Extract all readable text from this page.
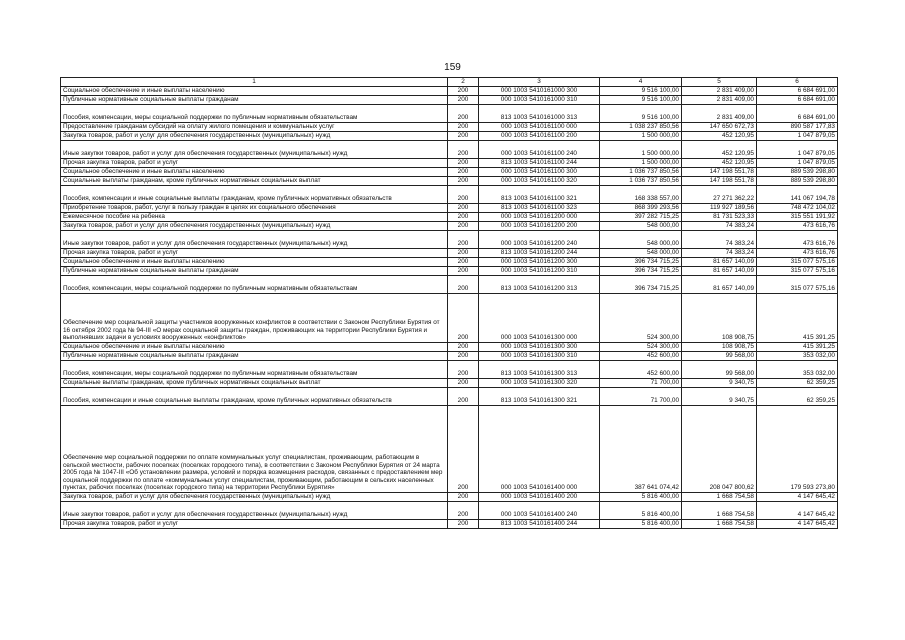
159
1	2	3	4	5	6
Социальное обеспечение и иные выплаты населению	200	000 1003 5410161000 300	9 516 100,00	2 831 409,00	6 684 691,00
Публичные нормативные социальные выплаты гражданам	200	000 1003 5410161000 310	9 516 100,00	2 831 409,00	6 684 691,00
Пособия, компенсации, меры социальной поддержки по публичным нормативным обязательствам	200	813 1003 5410161000 313	9 516 100,00	2 831 409,00	6 684 691,00
Предоставление гражданам субсидий на оплату жилого помещения и коммунальных услуг	200	000 1003 5410161100 000	1 038 237 850,56	147 650 672,73	890 587 177,83
Закупка товаров, работ и услуг для обеспечения государственных (муниципальных) нужд	200	000 1003 5410161100 200	1 500 000,00	452 120,95	1 047 879,05
Иные закупки товаров, работ и услуг для обеспечения государственных (муниципальных) нужд	200	000 1003 5410161100 240	1 500 000,00	452 120,95	1 047 879,05
Прочая закупка товаров, работ и услуг	200	813 1003 5410161100 244	1 500 000,00	452 120,95	1 047 879,05
Социальное обеспечение и иные выплаты населению	200	000 1003 5410161100 300	1 036 737 850,56	147 198 551,78	889 539 298,80
Социальные выплаты гражданам, кроме публичных нормативных социальных выплат	200	000 1003 5410161100 320	1 036 737 850,56	147 198 551,78	889 539 298,80
Пособия, компенсации и иные социальные выплаты гражданам, кроме публичных нормативных обязательств	200	813 1003 5410161100 321	168 338 557,00	27 271 362,22	141 067 194,78
Приобретение товаров, работ, услуг в пользу граждан в целях их социального обеспечения	200	813 1003 5410161100 323	868 399 293,56	119 927 189,56	748 472 104,02
Ежемесячное пособие на ребенка	200	000 1003 5410161200 000	397 282 715,25	81 731 523,33	315 551 191,92
Закупка товаров, работ и услуг для обеспечения государственных (муниципальных) нужд	200	000 1003 5410161200 200	548 000,00	74 383,24	473 616,76
Иные закупки товаров, работ и услуг для обеспечения государственных (муниципальных) нужд	200	000 1003 5410161200 240	548 000,00	74 383,24	473 616,76
Прочая закупка товаров, работ и услуг	200	813 1003 5410161200 244	548 000,00	74 383,24	473 616,76
Социальное обеспечение и иные выплаты населению	200	000 1003 5410161200 300	396 734 715,25	81 657 140,09	315 077 575,16
Публичные нормативные социальные выплаты гражданам	200	000 1003 5410161200 310	396 734 715,25	81 657 140,09	315 077 575,16
Пособия, компенсации, меры социальной поддержки по публичным нормативным обязательствам	200	813 1003 5410161200 313	396 734 715,25	81 657 140,09	315 077 575,16
Обеспечение мер социальной защиты участников вооруженных конфликтов в соответствии с Законом Республики Бурятия от 16 октября 2002 года № 94-III «О мерах социальной защиты граждан, проживающих на территории Республики Бурятия и выполнявших задачи в условиях вооруженных «конфликтов»	200	000 1003 5410161300 000	524 300,00	108 908,75	415 391,25
Социальное обеспечение и иные выплаты населению	200	000 1003 5410161300 300	524 300,00	108 908,75	415 391,25
Публичные нормативные социальные выплаты гражданам	200	000 1003 5410161300 310	452 600,00	99 568,00	353 032,00
Пособия, компенсации, меры социальной поддержки по публичным нормативным обязательствам	200	813 1003 5410161300 313	452 600,00	99 568,00	353 032,00
Социальные выплаты гражданам, кроме публичных нормативных социальных выплат	200	000 1003 5410161300 320	71 700,00	9 340,75	62 359,25
Пособия, компенсации и иные социальные выплаты гражданам, кроме публичных нормативных обязательств	200	813 1003 5410161300 321	71 700,00	9 340,75	62 359,25
Обеспечение мер социальной поддержки по оплате коммунальных услуг специалистам, проживающим, работающим в сельской местности, рабочих поселках (поселках городского типа), в соответствии с Законом Республики Бурятия от 24 марта 2005 года № 1047-III «Об установлении размера, условий и порядка возмещения расходов, связанных с предоставлением мер социальной поддержки по оплате «коммунальных услуг специалистам, проживающим, работающим в сельских населенных пунктах, рабочих поселках (поселках городского типа) на территории Республики Бурятия»	200	000 1003 5410161400 000	387 641 074,42	208 047 800,62	179 593 273,80
Закупка товаров, работ и услуг для обеспечения государственных (муниципальных) нужд	200	000 1003 5410161400 200	5 816 400,00	1 668 754,58	4 147 645,42
Иные закупки товаров, работ и услуг для обеспечения государственных (муниципальных) нужд	200	000 1003 5410161400 240	5 816 400,00	1 668 754,58	4 147 645,42
Прочая закупка товаров, работ и услуг	200	813 1003 5410161400 244	5 816 400,00	1 668 754,58	4 147 645,42
